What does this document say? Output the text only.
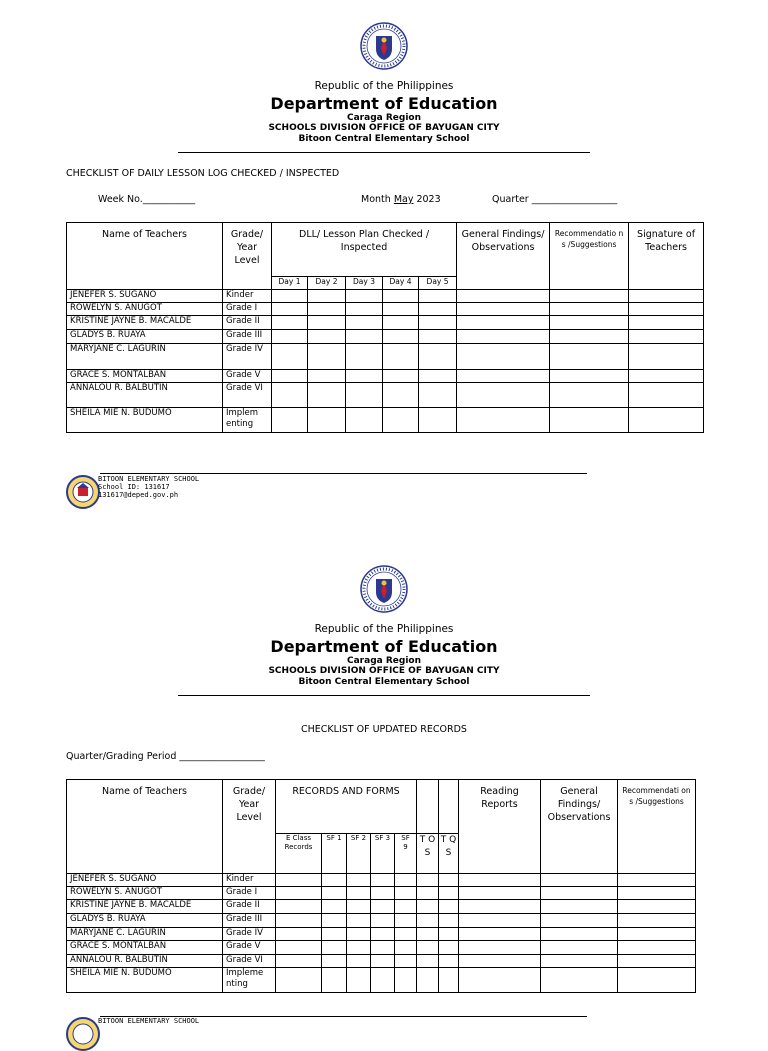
Republic of the Philippines
Department of Education
Caraga Region
SCHOOLS DIVISION OFFICE OF BAYUGAN CITY
Bitoon Central Elementary School
CHECKLIST OF DAILY LESSON LOG CHECKED / INSPECTED
Week No.___________	Month May 2023	Quarter __________________
Name of Teachers	Grade/ Year Level	DLL/ Lesson Plan Checked / Inspected					General Findings/ Observations	Recommendatio ns /Suggestions	Signature of Teachers
		Day 1	Day 2	Day 3	Day 4	Day 5			
JENEFER S. SUGANO	Kinder								
ROWELYN S. ANUGOT	Grade I								
KRISTINE JAYNE B. MACALDE	Grade II								
GLADYS B. RUAYA	Grade III								
MARYJANE C. LAGURIN	Grade IV								
GRACE S. MONTALBAN	Grade V								
ANNALOU R. BALBUTIN	Grade VI								
SHEILA MIE N. BUDUMO	Implem enting								
BITOON ELEMENTARY SCHOOL
School ID: 131617
131617@deped.gov.ph
Republic of the Philippines
Department of Education
Caraga Region
SCHOOLS DIVISION OFFICE OF BAYUGAN CITY
Bitoon Central Elementary School
CHECKLIST OF UPDATED RECORDS
Quarter/Grading Period __________________
Name of Teachers	Grade/ Year Level	RECORDS AND FORMS							Reading Reports	General Findings/ Observations	Recommendati ons /Suggestions
		E Class Records	SF 1	SF 2	SF 3	SF 9	T O S	T Q S			
JENEFER S. SUGANO	Kinder										
ROWELYN S. ANUGOT	Grade I										
KRISTINE JAYNE B. MACALDE	Grade II										
GLADYS B. RUAYA	Grade III										
MARYJANE C. LAGURIN	Grade IV										
GRACE S. MONTALBAN	Grade V										
ANNALOU R. BALBUTIN	Grade VI										
SHEILA MIE N. BUDUMO	Impleme nting										
BITOON ELEMENTARY SCHOOL
